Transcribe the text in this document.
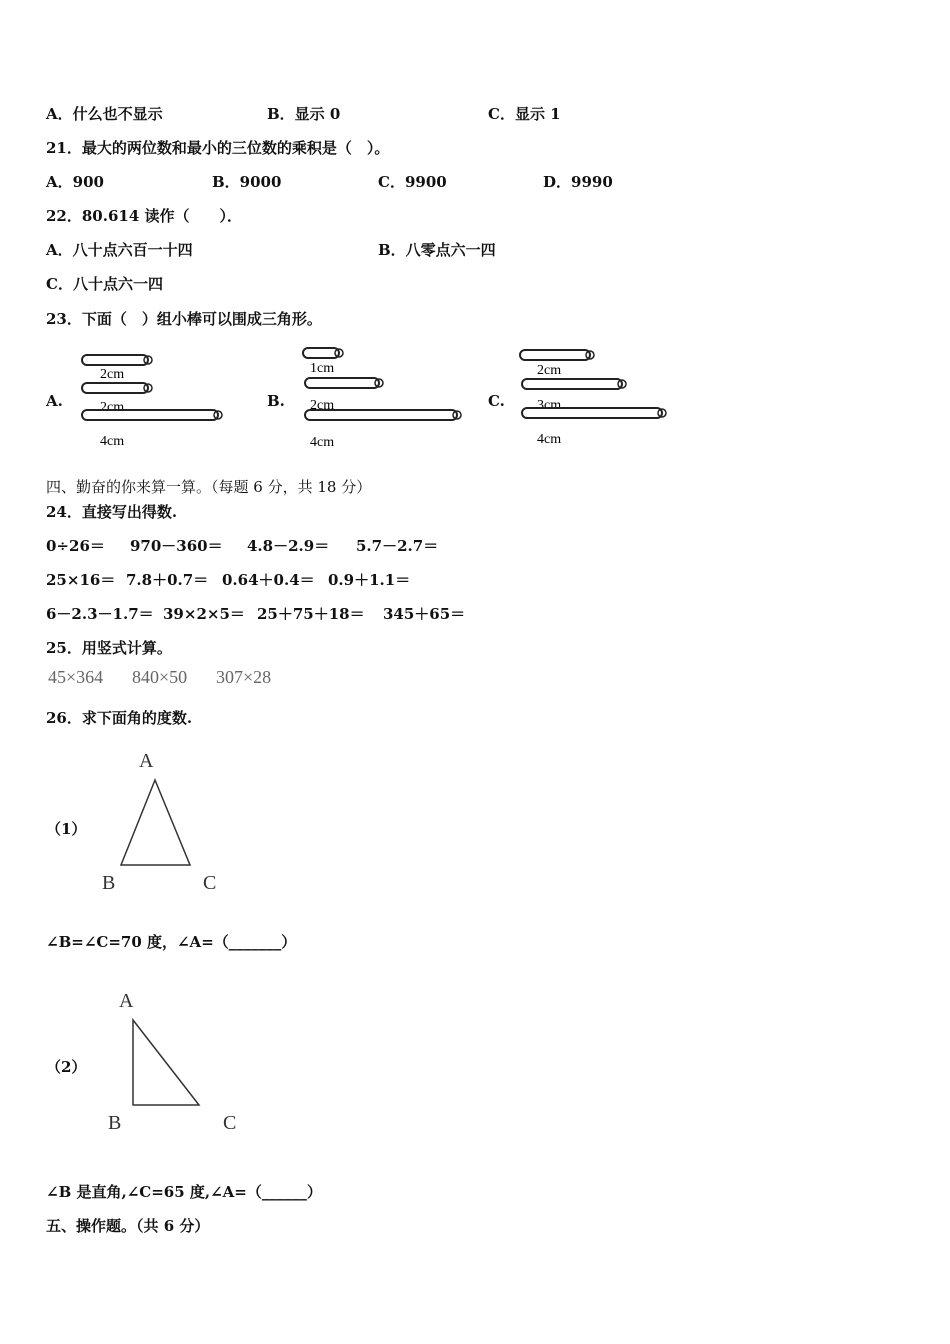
A．什么也不显示	B．显示 0	C．显示 1
21．最大的两位数和最小的三位数的乘积是（　）。
A．900	B．9000	C．9900	D．9990
22．80.614 读作（　　）．
A．八十点六百一十四	B．八零点六一四
C．八十点六一四
23．下面（　）组小棒可以围成三角形。
A.	B.	C.
2cm
2cm
4cm
1cm
2cm
4cm
2cm
3cm
4cm
四、勤奋的你来算一算。（每题 6 分，共 18 分）
24．直接写出得数.
0÷26＝ 970－360＝ 4.8－2.9＝ 5.7－2.7＝
25×16＝ 7.8＋0.7＝ 0.64＋0.4＝ 0.9＋1.1＝
6－2.3－1.7＝ 39×2×5＝ 25＋75＋18＝ 345＋65＝
25．用竖式计算。
45×364 840×50 307×28
26．求下面角的度数.
（1）
A
B	C
∠B=∠C=70 度，∠A=（_______）
（2）
A
B	C
∠B 是直角,∠C=65 度,∠A=（______）
五、操作题。（共 6 分）
